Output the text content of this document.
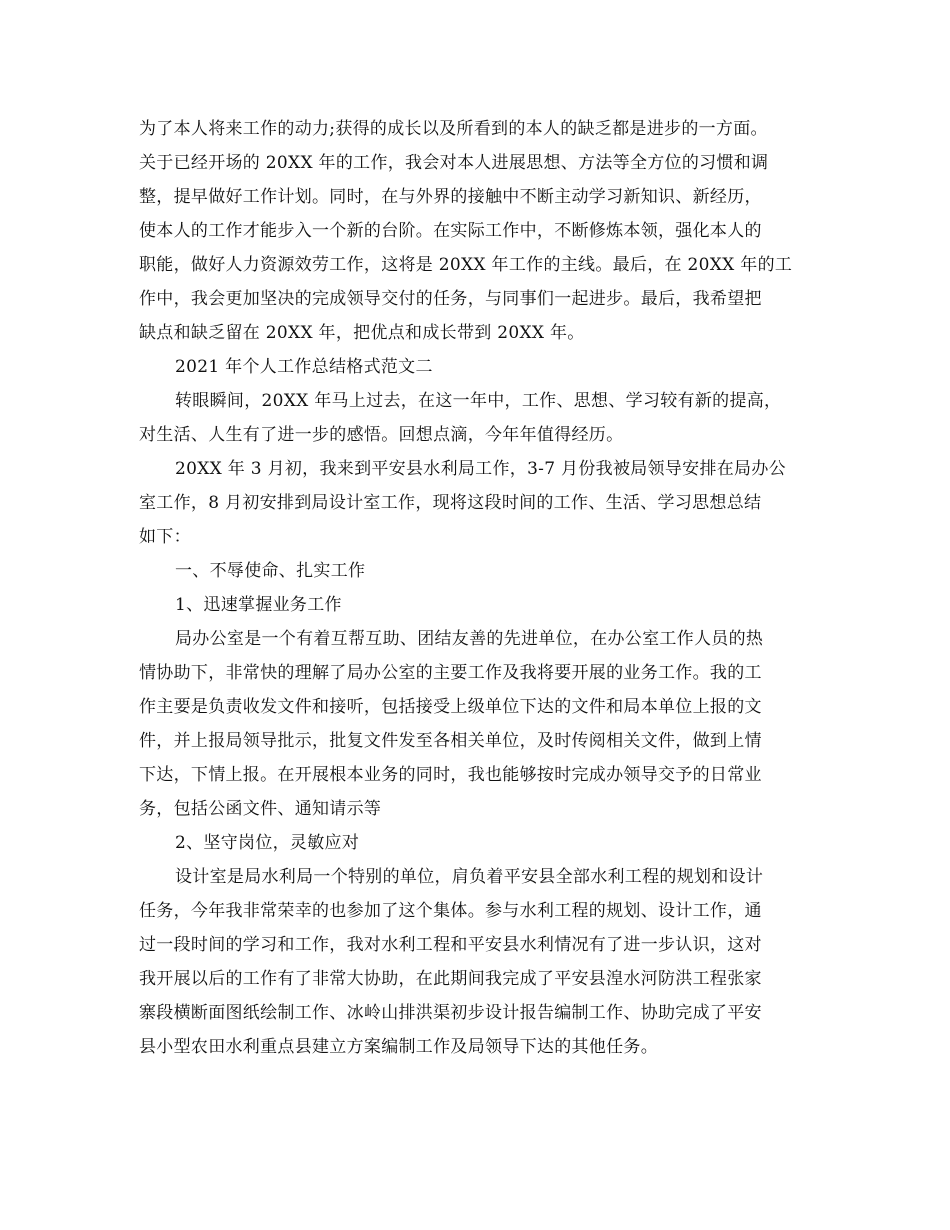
为了本人将来工作的动力;获得的成长以及所看到的本人的缺乏都是进步的一方面。
关于已经开场的 20XX 年的工作，我会对本人进展思想、方法等全方位的习惯和调
整，提早做好工作计划。同时，在与外界的接触中不断主动学习新知识、新经历，
使本人的工作才能步入一个新的台阶。在实际工作中，不断修炼本领，强化本人的
职能，做好人力资源效劳工作，这将是 20XX 年工作的主线。最后，在 20XX 年的工
作中，我会更加坚决的完成领导交付的任务，与同事们一起进步。最后，我希望把
缺点和缺乏留在 20XX 年，把优点和成长带到 20XX 年。
2021 年个人工作总结格式范文二
转眼瞬间，20XX 年马上过去，在这一年中，工作、思想、学习较有新的提高，
对生活、人生有了进一步的感悟。回想点滴，今年年值得经历。
20XX 年 3 月初，我来到平安县水利局工作，3-7 月份我被局领导安排在局办公
室工作，8 月初安排到局设计室工作，现将这段时间的工作、生活、学习思想总结
如下：
一、不辱使命、扎实工作
1、迅速掌握业务工作
局办公室是一个有着互帮互助、团结友善的先进单位，在办公室工作人员的热
情协助下，非常快的理解了局办公室的主要工作及我将要开展的业务工作。我的工
作主要是负责收发文件和接听，包括接受上级单位下达的文件和局本单位上报的文
件，并上报局领导批示，批复文件发至各相关单位，及时传阅相关文件，做到上情
下达，下情上报。在开展根本业务的同时，我也能够按时完成办领导交予的日常业
务，包括公函文件、通知请示等
2、坚守岗位，灵敏应对
设计室是局水利局一个特别的单位，肩负着平安县全部水利工程的规划和设计
任务，今年我非常荣幸的也参加了这个集体。参与水利工程的规划、设计工作，通
过一段时间的学习和工作，我对水利工程和平安县水利情况有了进一步认识，这对
我开展以后的工作有了非常大协助，在此期间我完成了平安县湟水河防洪工程张家
寨段横断面图纸绘制工作、冰岭山排洪渠初步设计报告编制工作、协助完成了平安
县小型农田水利重点县建立方案编制工作及局领导下达的其他任务。
